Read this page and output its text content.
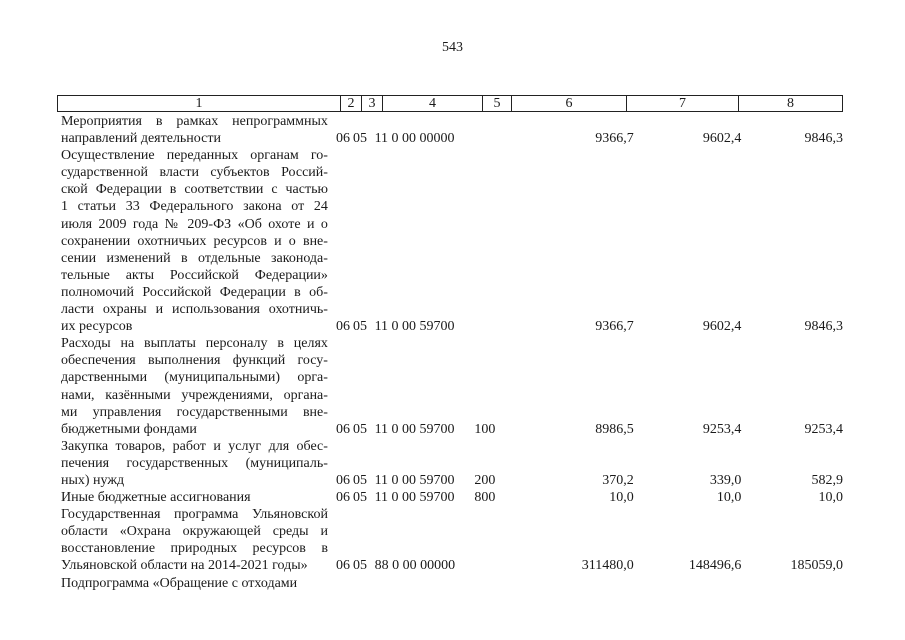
543
1	2	3	4	5	6	7	8
Мероприятия в рамках непрограммных
направлений деятельности	06 05 11 0 00 00000	9366,7	9602,4	9846,3
Осуществление переданных органам го-
сударственной власти субъектов Россий-
ской Федерации в соответствии с частью
1 статьи 33 Федерального закона от 24
июля 2009 года № 209-ФЗ «Об охоте и о
сохранении охотничьих ресурсов и о вне-
сении изменений в отдельные законода-
тельные акты Российской Федерации»
полномочий Российской Федерации в об-
ласти охраны и использования охотничь-
их ресурсов	06 05 11 0 00 59700	9366,7	9602,4	9846,3
Расходы на выплаты персоналу в целях
обеспечения выполнения функций госу-
дарственными (муниципальными) орга-
нами, казёнными учреждениями, органа-
ми управления государственными вне-
бюджетными фондами	06 05 11 0 00 59700	100	8986,5	9253,4	9253,4
Закупка товаров, работ и услуг для обес-
печения государственных (муниципаль-
ных) нужд	06 05 11 0 00 59700	200	370,2	339,0	582,9
Иные бюджетные ассигнования	06 05 11 0 00 59700	800	10,0	10,0	10,0
Государственная программа Ульяновской
области «Охрана окружающей среды и
восстановление природных ресурсов в
Ульяновской области на 2014-2021 годы»	06 05 88 0 00 00000	311480,0	148496,6	185059,0
Подпрограмма «Обращение с отходами
